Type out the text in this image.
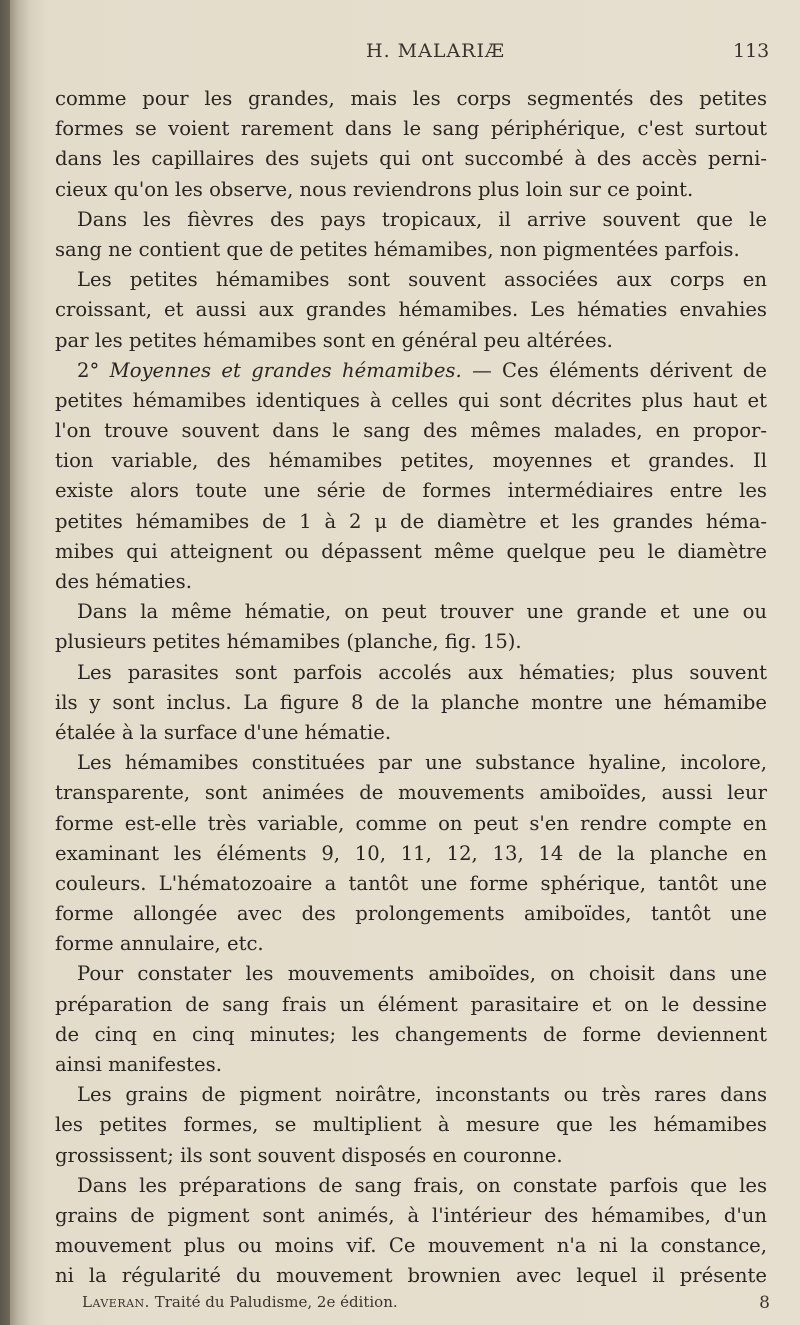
H. MALARIÆ	113
comme pour les grandes, mais les corps segmentés des petites
formes se voient rarement dans le sang périphérique, c'est surtout
dans les capillaires des sujets qui ont succombé à des accès perni-
cieux qu'on les observe, nous reviendrons plus loin sur ce point.
Dans les fièvres des pays tropicaux, il arrive souvent que le
sang ne contient que de petites hémamibes, non pigmentées parfois.
Les petites hémamibes sont souvent associées aux corps en
croissant, et aussi aux grandes hémamibes. Les hématies envahies
par les petites hémamibes sont en général peu altérées.
2° Moyennes et grandes hémamibes. — Ces éléments dérivent de
petites hémamibes identiques à celles qui sont décrites plus haut et
l'on trouve souvent dans le sang des mêmes malades, en propor-
tion variable, des hémamibes petites, moyennes et grandes. Il
existe alors toute une série de formes intermédiaires entre les
petites hémamibes de 1 à 2 μ de diamètre et les grandes héma-
mibes qui atteignent ou dépassent même quelque peu le diamètre
des hématies.
Dans la même hématie, on peut trouver une grande et une ou
plusieurs petites hémamibes (planche, fig. 15).
Les parasites sont parfois accolés aux hématies; plus souvent
ils y sont inclus. La figure 8 de la planche montre une hémamibe
étalée à la surface d'une hématie.
Les hémamibes constituées par une substance hyaline, incolore,
transparente, sont animées de mouvements amiboïdes, aussi leur
forme est-elle très variable, comme on peut s'en rendre compte en
examinant les éléments 9, 10, 11, 12, 13, 14 de la planche en
couleurs. L'hématozoaire a tantôt une forme sphérique, tantôt une
forme allongée avec des prolongements amiboïdes, tantôt une
forme annulaire, etc.
Pour constater les mouvements amiboïdes, on choisit dans une
préparation de sang frais un élément parasitaire et on le dessine
de cinq en cinq minutes; les changements de forme deviennent
ainsi manifestes.
Les grains de pigment noirâtre, inconstants ou très rares dans
les petites formes, se multiplient à mesure que les hémamibes
grossissent; ils sont souvent disposés en couronne.
Dans les préparations de sang frais, on constate parfois que les
grains de pigment sont animés, à l'intérieur des hémamibes, d'un
mouvement plus ou moins vif. Ce mouvement n'a ni la constance,
ni la régularité du mouvement brownien avec lequel il présente
Laveran. Traité du Paludisme, 2e édition.	8
